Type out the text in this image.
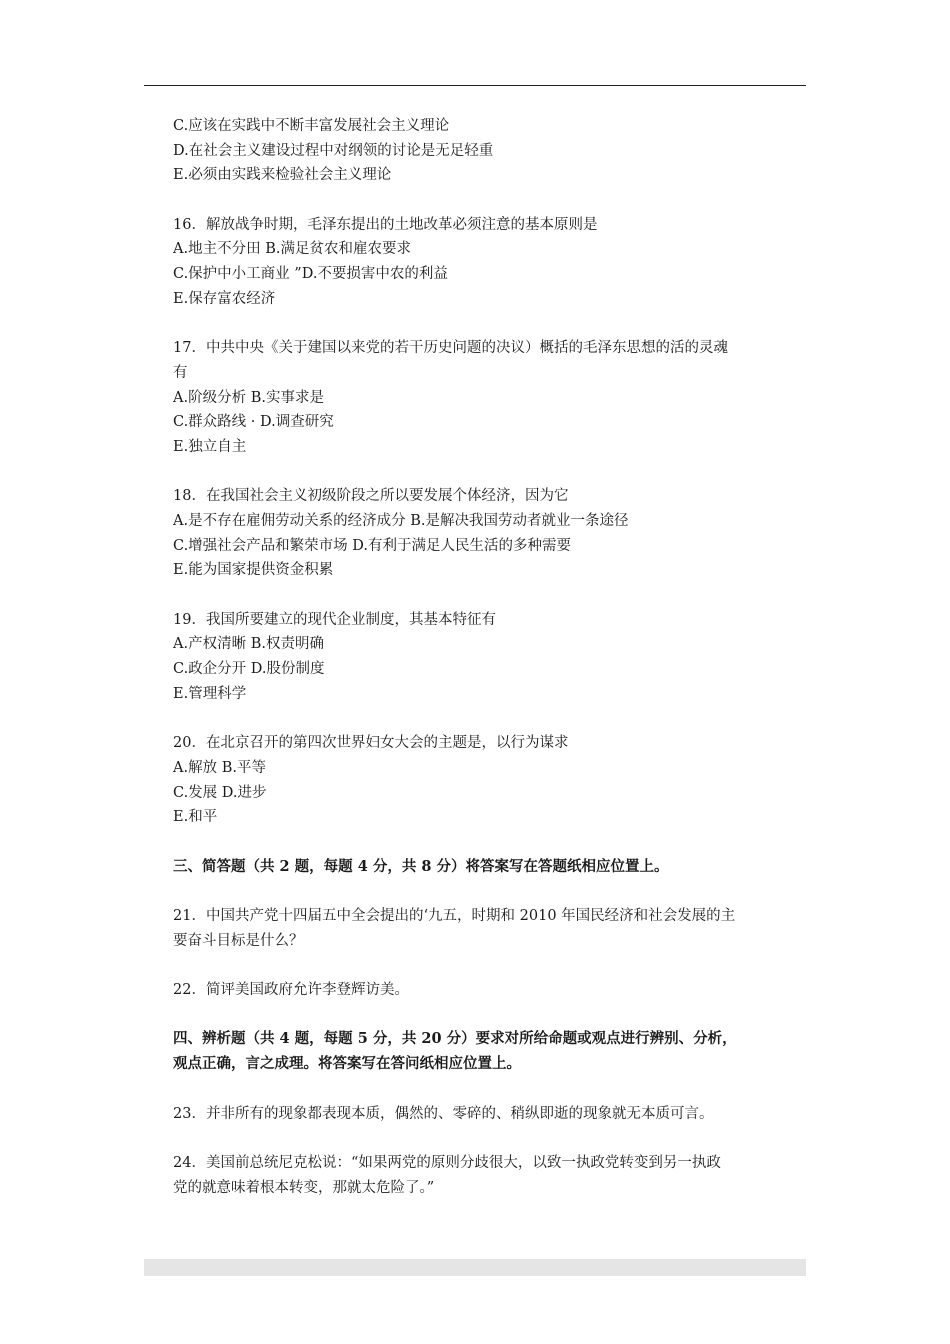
C.应该在实践中不断丰富发展社会主义理论
D.在社会主义建设过程中对纲领的讨论是无足轻重
E.必须由实践来检验社会主义理论
16．解放战争时期，毛泽东提出的土地改革必须注意的基本原则是
A.地主不分田 B.满足贫农和雇农要求
C.保护中小工商业 ”D.不要损害中农的利益
E.保存富农经济
17．中共中央《关于建国以来党的若干历史问题的决议）概括的毛泽东思想的活的灵魂
有
A.阶级分析 B.实事求是
C.群众路线 · D.调查研究
E.独立自主
18．在我国社会主义初级阶段之所以要发展个体经济，因为它
A.是不存在雇佣劳动关系的经济成分 B.是解决我国劳动者就业一条途径
C.增强社会产品和繁荣市场 D.有利于满足人民生活的多种需要
E.能为国家提供资金积累
19．我国所要建立的现代企业制度，其基本特征有
A.产权清晰 B.权责明确
C.政企分开 D.股份制度
E.管理科学
20．在北京召开的第四次世界妇女大会的主题是，以行为谋求
A.解放 B.平等
C.发展 D.进步
E.和平
三、简答题（共 2 题，每题 4 分，共 8 分）将答案写在答题纸相应位置上。
21．中国共产党十四届五中全会提出的‘九五，时期和 2010 年国民经济和社会发展的主
要奋斗目标是什么？
22．简评美国政府允许李登辉访美。
四、辨析题（共 4 题，每题 5 分，共 20 分）要求对所给命题或观点进行辨别、分析，
观点正确，言之成理。将答案写在答问纸相应位置上。
23．并非所有的现象都表现本质，偶然的、零碎的、稍纵即逝的现象就无本质可言。
24．美国前总统尼克松说：“如果两党的原则分歧很大，以致一执政党转变到另一执政
党的就意味着根本转变，那就太危险了。”
